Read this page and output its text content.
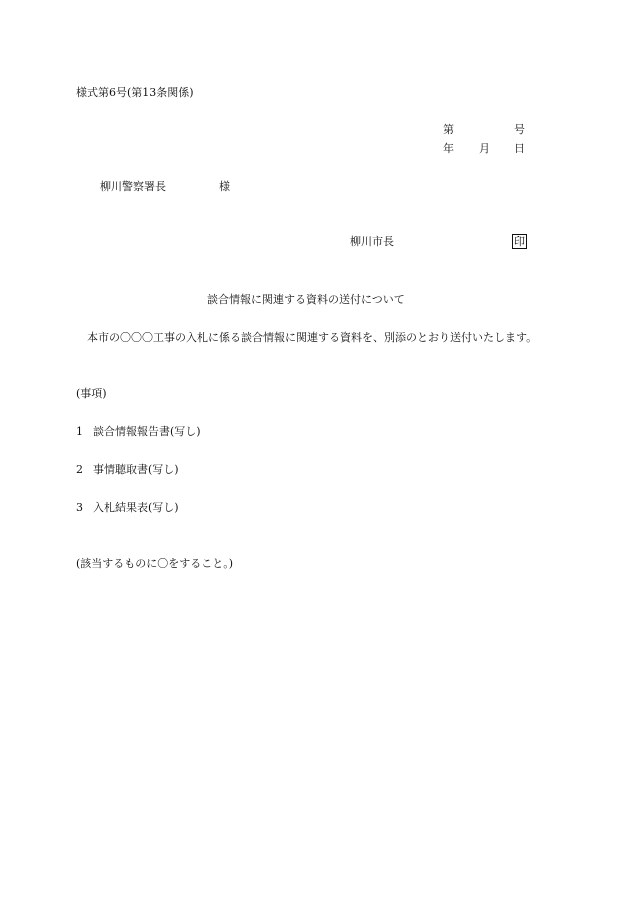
様式第6号(第13条関係)
第	号
年 月 日
柳川警察署長	様
柳川市長	印
談合情報に関連する資料の送付について
本市の〇〇〇工事の入札に係る談合情報に関連する資料を、別添のとおり送付いたします。
(事項)
1 談合情報報告書(写し)
2 事情聴取書(写し)
3 入札結果表(写し)
(該当するものに〇をすること。)
